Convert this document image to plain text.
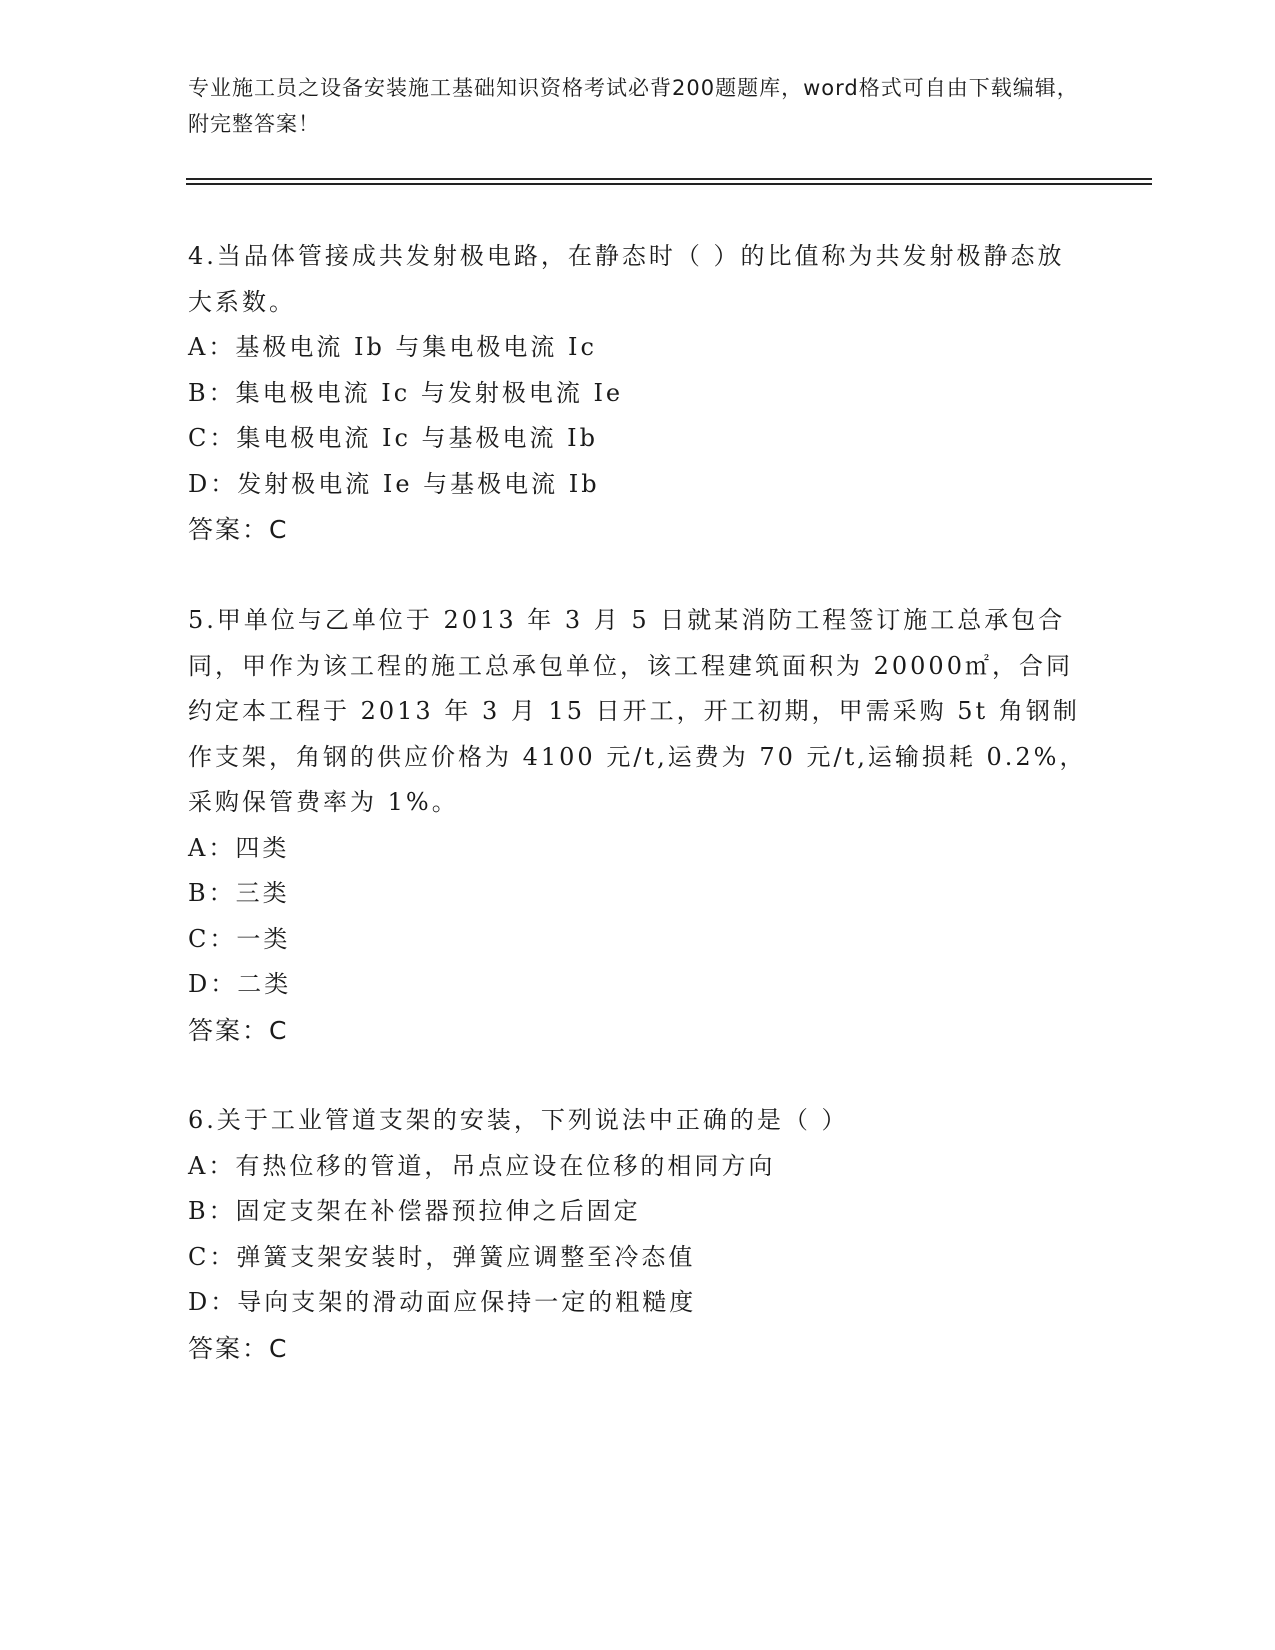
专业施工员之设备安装施工基础知识资格考试必背200题题库，word格式可自由下载编辑，附完整答案！

4.当品体管接成共发射极电路，在静态时（ ）的比值称为共发射极静态放大系数。

A：基极电流 Ib 与集电极电流 Ic

B：集电极电流 Ic 与发射极电流 Ie

C：集电极电流 Ic 与基极电流 Ib

D：发射极电流 Ie 与基极电流 Ib

答案：C

5.甲单位与乙单位于 2013 年 3 月 5 日就某消防工程签订施工总承包合同，甲作为该工程的施工总承包单位，该工程建筑面积为 20000㎡，合同约定本工程于 2013 年 3 月 15 日开工，开工初期，甲需采购 5t 角钢制作支架，角钢的供应价格为 4100 元/t,运费为 70 元/t,运输损耗 0.2%，采购保管费率为 1%。

A：四类

B：三类

C：一类

D：二类

答案：C

6.关于工业管道支架的安装，下列说法中正确的是（ ）

A：有热位移的管道，吊点应设在位移的相同方向

B：固定支架在补偿器预拉伸之后固定

C：弹簧支架安装时，弹簧应调整至冷态值

D：导向支架的滑动面应保持一定的粗糙度

答案：C
